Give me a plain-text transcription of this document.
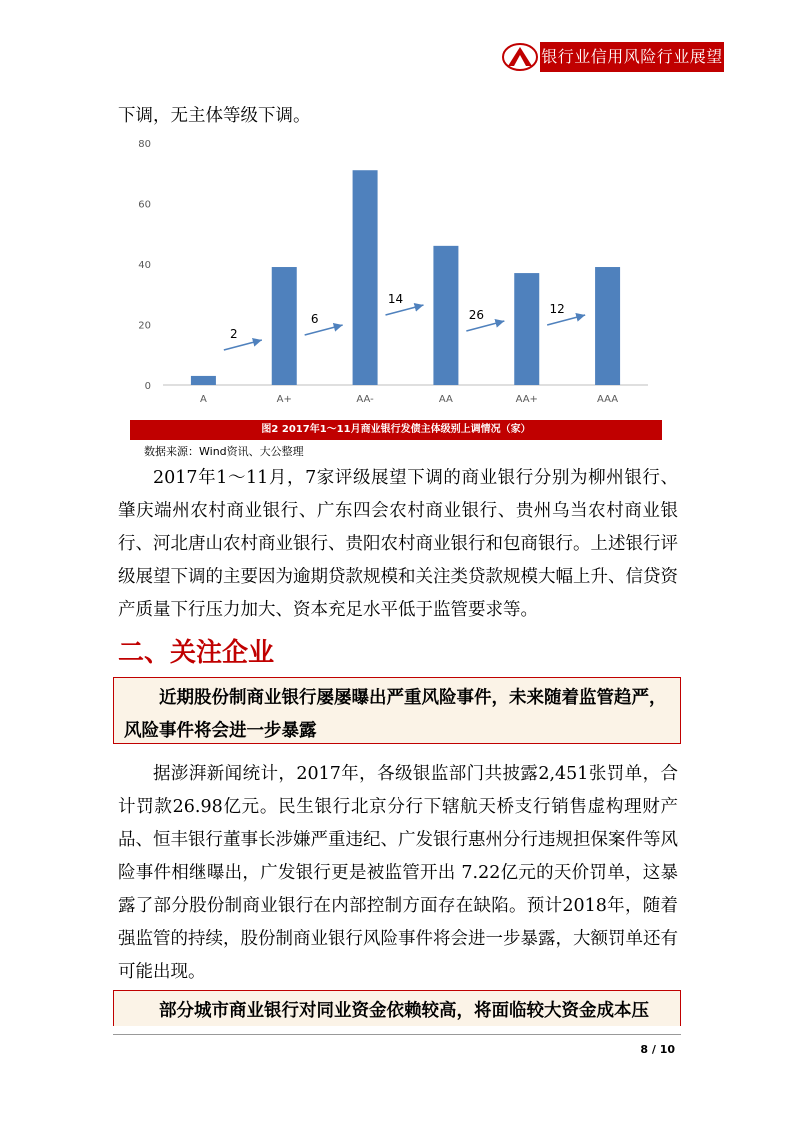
银行业信用风险行业展望
下调，无主体等级下调。
0
20
40
60
80
A	A+	AA-	AA	AA+	AAA
2
6
14
26	12
图2 2017年1～11月商业银行发债主体级别上调情况（家）
数据来源：Wind资讯、大公整理
2017年1～11月，7家评级展望下调的商业银行分别为柳州银行、肇庆端州农村商业银行、广东四会农村商业银行、贵州乌当农村商业银行、河北唐山农村商业银行、贵阳农村商业银行和包商银行。上述银行评级展望下调的主要因为逾期贷款规模和关注类贷款规模大幅上升、信贷资产质量下行压力加大、资本充足水平低于监管要求等。
二、关注企业
近期股份制商业银行屡屡曝出严重风险事件，未来随着监管趋严，风险事件将会进一步暴露
据澎湃新闻统计，2017年，各级银监部门共披露2,451张罚单，合计罚款26.98亿元。民生银行北京分行下辖航天桥支行销售虚构理财产品、恒丰银行董事长涉嫌严重违纪、广发银行惠州分行违规担保案件等风险事件相继曝出，广发银行更是被监管开出 7.22亿元的天价罚单，这暴露了部分股份制商业银行在内部控制方面存在缺陷。预计2018年，随着强监管的持续，股份制商业银行风险事件将会进一步暴露，大额罚单还有可能出现。
部分城市商业银行对同业资金依赖较高，将面临较大资金成本压
8 / 10
